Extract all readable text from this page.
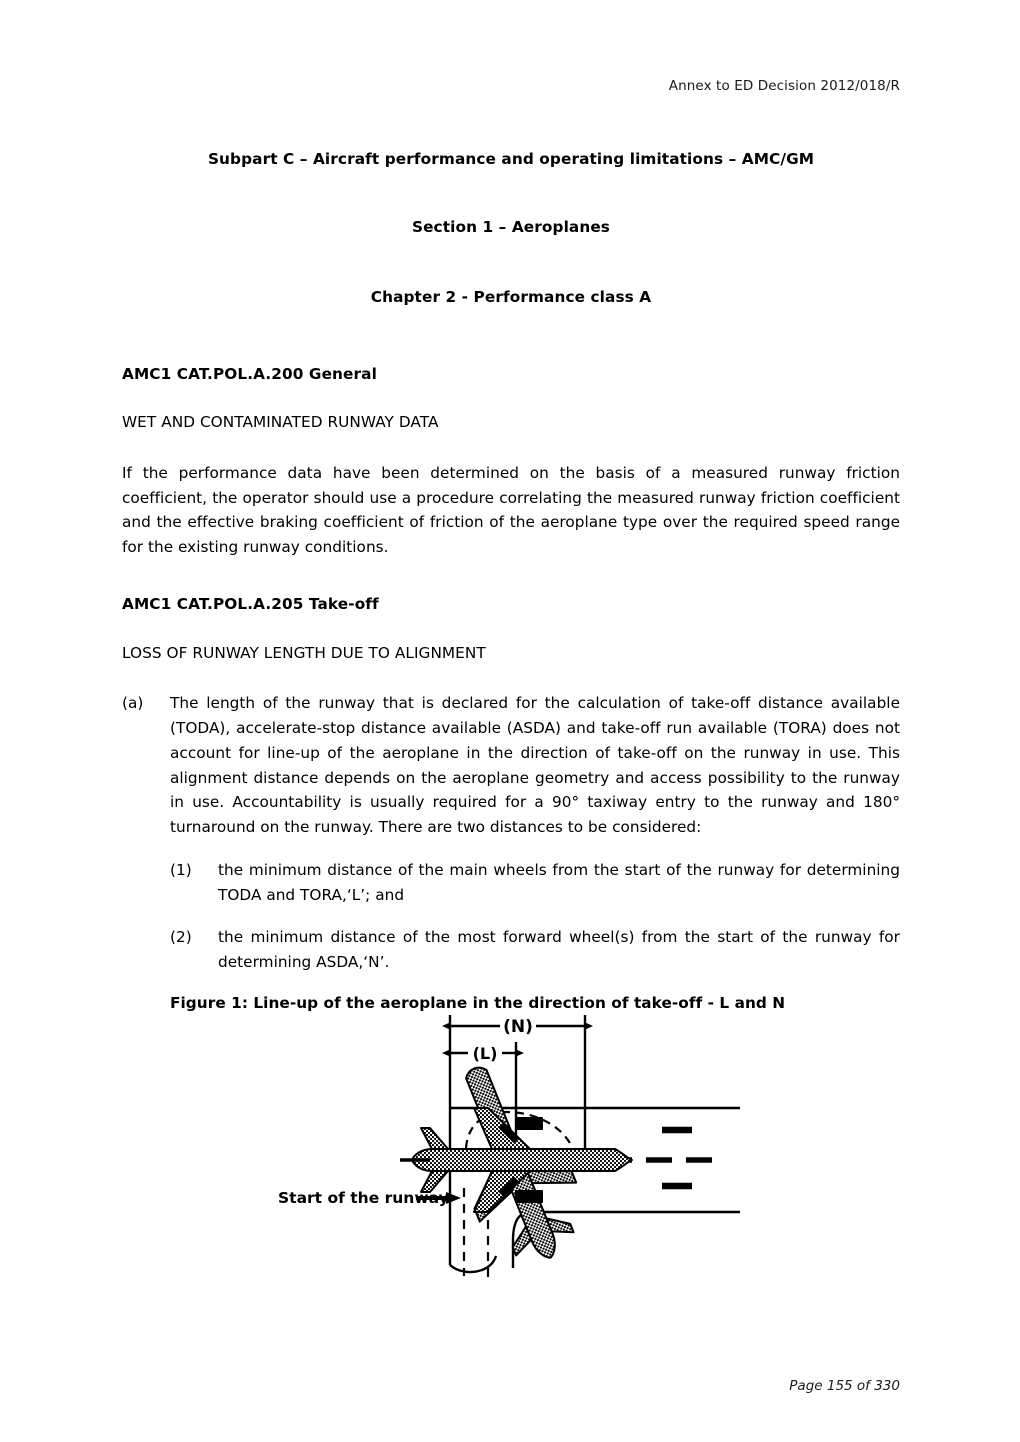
Annex to ED Decision 2012/018/R
Subpart C – Aircraft performance and operating limitations – AMC/GM
Section 1 – Aeroplanes
Chapter 2 - Performance class A
AMC1 CAT.POL.A.200 General
WET AND CONTAMINATED RUNWAY DATA
If the performance data have been determined on the basis of a measured runway friction coefficient, the operator should use a procedure correlating the measured runway friction coefficient and the effective braking coefficient of friction of the aeroplane type over the required speed range for the existing runway conditions.
AMC1 CAT.POL.A.205 Take-off
LOSS OF RUNWAY LENGTH DUE TO ALIGNMENT
(a)	The length of the runway that is declared for the calculation of take-off distance available (TODA), accelerate-stop distance available (ASDA) and take-off run available (TORA) does not account for line-up of the aeroplane in the direction of take-off on the runway in use. This alignment distance depends on the aeroplane geometry and access possibility to the runway in use. Accountability is usually required for a 90° taxiway entry to the runway and 180° turnaround on the runway. There are two distances to be considered:
(1)	the minimum distance of the main wheels from the start of the runway for determining TODA and TORA,‘L’; and
(2)	the minimum distance of the most forward wheel(s) from the start of the runway for determining ASDA,‘N’.
Figure 1: Line-up of the aeroplane in the direction of take-off - L and N
(N)
(L)
Start of the runway
Page 155 of 330
